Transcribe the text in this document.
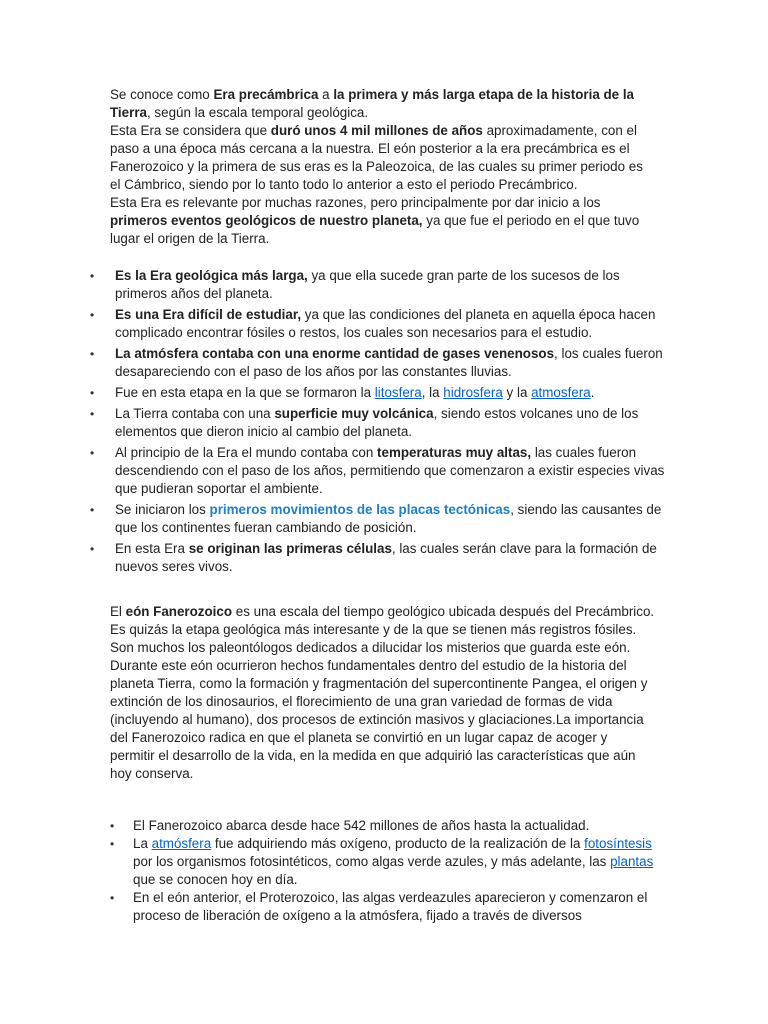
Se conoce como Era precámbrica a la primera y más larga etapa de la historia de la Tierra, según la escala temporal geológica.

Esta Era se considera que duró unos 4 mil millones de años aproximadamente, con el paso a una época más cercana a la nuestra. El eón posterior a la era precámbrica es el Fanerozoico y la primera de sus eras es la Paleozoica, de las cuales su primer periodo es el Cámbrico, siendo por lo tanto todo lo anterior a esto el periodo Precámbrico.

Esta Era es relevante por muchas razones, pero principalmente por dar inicio a los primeros eventos geológicos de nuestro planeta, ya que fue el periodo en el que tuvo lugar el origen de la Tierra.

• Es la Era geológica más larga, ya que ella sucede gran parte de los sucesos de los primeros años del planeta.
• Es una Era difícil de estudiar, ya que las condiciones del planeta en aquella época hacen complicado encontrar fósiles o restos, los cuales son necesarios para el estudio.
• La atmósfera contaba con una enorme cantidad de gases venenosos, los cuales fueron desapareciendo con el paso de los años por las constantes lluvias.
• Fue en esta etapa en la que se formaron la litosfera, la hidrosfera y la atmosfera.
• La Tierra contaba con una superficie muy volcánica, siendo estos volcanes uno de los elementos que dieron inicio al cambio del planeta.
• Al principio de la Era el mundo contaba con temperaturas muy altas, las cuales fueron descendiendo con el paso de los años, permitiendo que comenzaron a existir especies vivas que pudieran soportar el ambiente.
• Se iniciaron los primeros movimientos de las placas tectónicas, siendo las causantes de que los continentes fueran cambiando de posición.
• En esta Era se originan las primeras células, las cuales serán clave para la formación de nuevos seres vivos.

El eón Fanerozoico es una escala del tiempo geológico ubicada después del Precámbrico. Es quizás la etapa geológica más interesante y de la que se tienen más registros fósiles. Son muchos los paleontólogos dedicados a dilucidar los misterios que guarda este eón.

Durante este eón ocurrieron hechos fundamentales dentro del estudio de la historia del planeta Tierra, como la formación y fragmentación del supercontinente Pangea, el origen y extinción de los dinosaurios, el florecimiento de una gran variedad de formas de vida (incluyendo al humano), dos procesos de extinción masivos y glaciaciones.La importancia del Fanerozoico radica en que el planeta se convirtió en un lugar capaz de acoger y permitir el desarrollo de la vida, en la medida en que adquirió las características que aún hoy conserva.

• El Fanerozoico abarca desde hace 542 millones de años hasta la actualidad.
• La atmósfera fue adquiriendo más oxígeno, producto de la realización de la fotosíntesis por los organismos fotosintéticos, como algas verde azules, y más adelante, las plantas que se conocen hoy en día.
• En el eón anterior, el Proterozoico, las algas verdeazules aparecieron y comenzaron el proceso de liberación de oxígeno a la atmósfera, fijado a través de diversos
